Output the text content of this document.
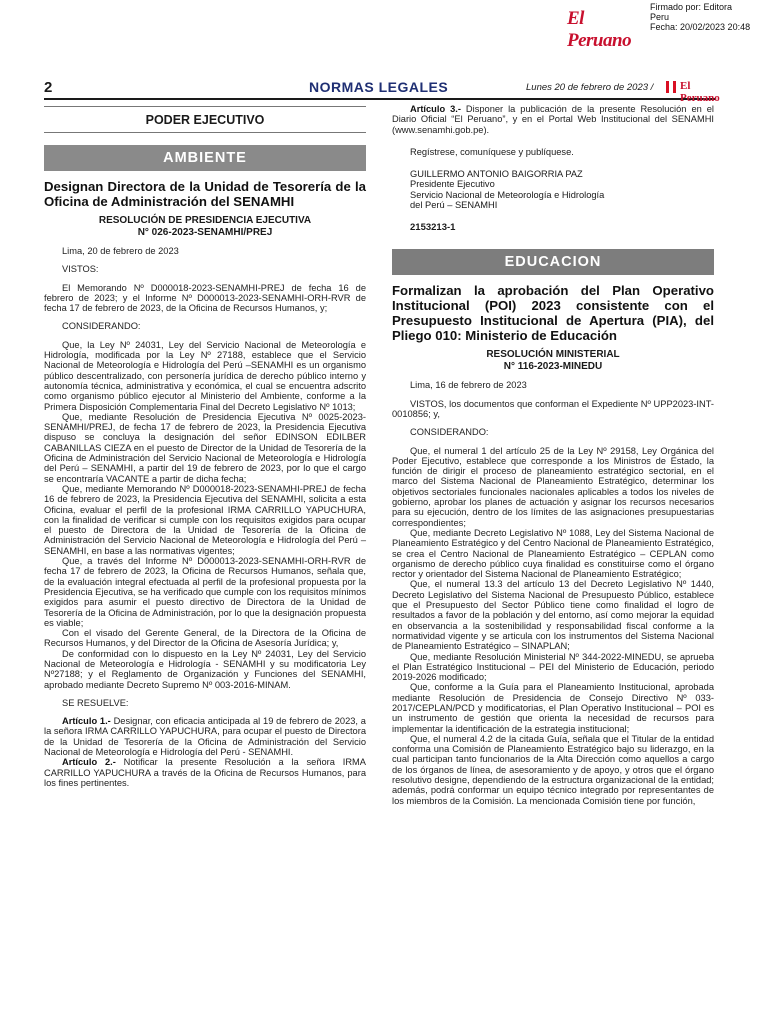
El Peruano
Firmado por: Editora
Peru
Fecha: 20/02/2023 20:48
2	NORMAS LEGALES	Lunes 20 de febrero de 2023 / El Peruano
PODER EJECUTIVO
AMBIENTE
Designan Directora de la Unidad de Tesorería de la Oficina de Administración del SENAMHI
RESOLUCIÓN DE PRESIDENCIA EJECUTIVA
N° 026-2023-SENAMHI/PREJ

Lima, 20 de febrero de 2023

VISTOS:

El Memorando Nº D000018-2023-SENAMHI-PREJ de fecha 16 de febrero de 2023; y el Informe Nº D000013-2023-SENAMHI-ORH-RVR de fecha 17 de febrero de 2023, de la Oficina de Recursos Humanos, y;

CONSIDERANDO:

Que, la Ley Nº 24031, Ley del Servicio Nacional de Meteorología e Hidrología, modificada por la Ley Nº 27188, establece que el Servicio Nacional de Meteorología e Hidrología del Perú –SENAMHI es un organismo público descentralizado, con personería jurídica de derecho público interno y autonomía técnica, administrativa y económica, el cual se encuentra adscrito como organismo público ejecutor al Ministerio del Ambiente, conforme a la Primera Disposición Complementaria Final del Decreto Legislativo Nº 1013;

Que, mediante Resolución de Presidencia Ejecutiva Nº 0025-2023-SENAMHI/PREJ, de fecha 17 de febrero de 2023, la Presidencia Ejecutiva dispuso se concluya la designación del señor EDINSON EDILBER CABANILLAS CIEZA en el puesto de Director de la Unidad de Tesorería de la Oficina de Administración del Servicio Nacional de Meteorología e Hidrología del Perú – SENAMHI, a partir del 19 de febrero de 2023, por lo que el cargo se encontraría VACANTE a partir de dicha fecha;

Que, mediante Memorando Nº D000018-2023-SENAMHI-PREJ de fecha 16 de febrero de 2023, la Presidencia Ejecutiva del SENAMHI, solicita a esta Oficina, evaluar el perfil de la profesional IRMA CARRILLO YAPUCHURA, con la finalidad de verificar si cumple con los requisitos exigidos para ocupar el puesto de Directora de la Unidad de Tesorería de la Oficina de Administración del Servicio Nacional de Meteorología e Hidrología del Perú – SENAMHI, en base a las normativas vigentes;

Que, a través del Informe Nº D000013-2023-SENAMHI-ORH-RVR de fecha 17 de febrero de 2023, la Oficina de Recursos Humanos, señala que, de la evaluación integral efectuada al perfil de la profesional propuesta por la Presidencia Ejecutiva, se ha verificado que cumple con los requisitos mínimos exigidos para asumir el puesto directivo de Directora de la Unidad de Tesorería de la Oficina de Administración, por lo que la designación propuesta es viable;

Con el visado del Gerente General, de la Directora de la Oficina de Recursos Humanos, y del Director de la Oficina de Asesoría Jurídica; y,

De conformidad con lo dispuesto en la Ley Nº 24031, Ley del Servicio Nacional de Meteorología e Hidrología - SENAMHI y su modificatoria Ley Nº27188; y el Reglamento de Organización y Funciones del SENAMHI, aprobado mediante Decreto Supremo Nº 003-2016-MINAM.

SE RESUELVE:

Artículo 1.- Designar, con eficacia anticipada al 19 de febrero de 2023, a la señora IRMA CARRILLO YAPUCHURA, para ocupar el puesto de Directora de la Unidad de Tesorería de la Oficina de Administración del Servicio Nacional de Meteorología e Hidrología del Perú - SENAMHI.

Artículo 2.- Notificar la presente Resolución a la señora IRMA CARRILLO YAPUCHURA a través de la Oficina de Recursos Humanos, para los fines pertinentes.

Artículo 3.- Disponer la publicación de la presente Resolución en el Diario Oficial “El Peruano”, y en el Portal Web Institucional del SENAMHI (www.senamhi.gob.pe).

Regístrese, comuníquese y publíquese.
GUILLERMO ANTONIO BAIGORRIA PAZ
Presidente Ejecutivo
Servicio Nacional de Meteorología e Hidrología
del Perú – SENAMHI
2153213-1
EDUCACION
Formalizan la aprobación del Plan Operativo Institucional (POI) 2023 consistente con el Presupuesto Institucional de Apertura (PIA), del Pliego 010: Ministerio de Educación
RESOLUCIÓN MINISTERIAL
N° 116-2023-MINEDU

Lima, 16 de febrero de 2023

VISTOS, los documentos que conforman el Expediente Nº UPP2023-INT-0010856; y,

CONSIDERANDO:

Que, el numeral 1 del artículo 25 de la Ley Nº 29158, Ley Orgánica del Poder Ejecutivo, establece que corresponde a los Ministros de Estado, la función de dirigir el proceso de planeamiento estratégico sectorial, en el marco del Sistema Nacional de Planeamiento Estratégico, determinar los objetivos sectoriales funcionales nacionales aplicables a todos los niveles de gobierno, aprobar los planes de actuación y asignar los recursos necesarios para su ejecución, dentro de los límites de las asignaciones presupuestarias correspondientes;

Que, mediante Decreto Legislativo Nº 1088, Ley del Sistema Nacional de Planeamiento Estratégico y del Centro Nacional de Planeamiento Estratégico, se crea el Centro Nacional de Planeamiento Estratégico – CEPLAN como organismo de derecho público cuya finalidad es constituirse como el órgano rector y orientador del Sistema Nacional de Planeamiento Estratégico;

Que, el numeral 13.3 del artículo 13 del Decreto Legislativo Nº 1440, Decreto Legislativo del Sistema Nacional de Presupuesto Público, establece que el Presupuesto del Sector Público tiene como finalidad el logro de resultados a favor de la población y del entorno, así como mejorar la equidad en observancia a la sostenibilidad y responsabilidad fiscal conforme a la normatividad vigente y se articula con los instrumentos del Sistema Nacional de Planeamiento Estratégico – SINAPLAN;

Que, mediante Resolución Ministerial Nº 344-2022-MINEDU, se aprueba el Plan Estratégico Institucional – PEI del Ministerio de Educación, periodo 2019-2026 modificado;

Que, conforme a la Guía para el Planeamiento Institucional, aprobada mediante Resolución de Presidencia de Consejo Directivo Nº 033-2017/CEPLAN/PCD y modificatorias, el Plan Operativo Institucional – POI es un instrumento de gestión que orienta la necesidad de recursos para implementar la identificación de la estrategia institucional;

Que, el numeral 4.2 de la citada Guía, señala que el Titular de la entidad conforma una Comisión de Planeamiento Estratégico bajo su liderazgo, en la cual participan tanto funcionarios de la Alta Dirección como aquellos a cargo de los órganos de línea, de asesoramiento y de apoyo, y otros que el órgano resolutivo designe, dependiendo de la estructura organizacional de la entidad; además, podrá conformar un equipo técnico integrado por representantes de los miembros de la Comisión. La mencionada Comisión tiene por función,
